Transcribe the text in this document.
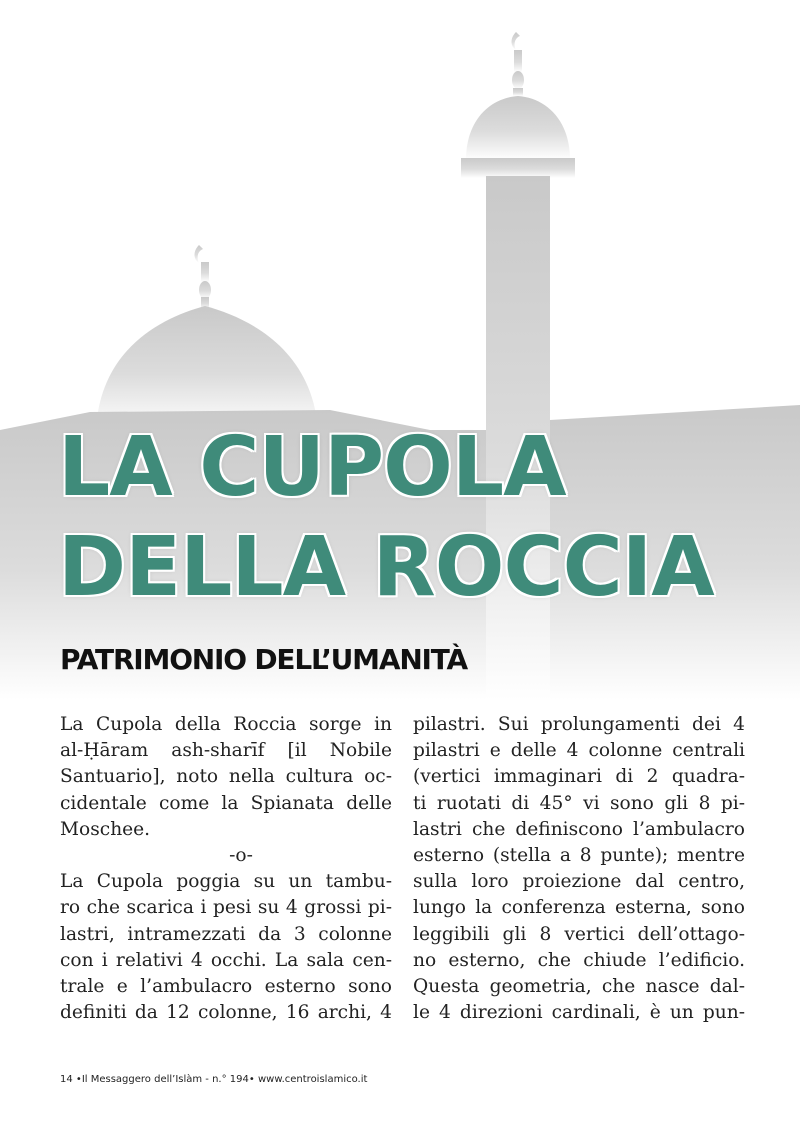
LA CUPOLA
DELLA ROCCIA
PATRIMONIO DELL’UMANITÀ

La Cupola della Roccia sorge in
al-Ḥāram ash-sharīf [il Nobile
Santuario], noto nella cultura oc-
cidentale come la Spianata delle
Moschee.

-o-

La Cupola poggia su un tambu-
ro che scarica i pesi su 4 grossi pi-
lastri, intramezzati da 3 colonne
con i relativi 4 occhi. La sala cen-
trale e l’ambulacro esterno sono
definiti da 12 colonne, 16 archi, 4

pilastri. Sui prolungamenti dei 4
pilastri e delle 4 colonne centrali
(vertici immaginari di 2 quadra-
ti ruotati di 45° vi sono gli 8 pi-
lastri che definiscono l’ambulacro
esterno (stella a 8 punte); mentre
sulla loro proiezione dal centro,
lungo la conferenza esterna, sono
leggibili gli 8 vertici dell’ottago-
no esterno, che chiude l’edificio.
Questa geometria, che nasce dal-
le 4 direzioni cardinali, è un pun-

14 •Il Messaggero dell’Islàm - n.° 194• www.centroislamico.it
